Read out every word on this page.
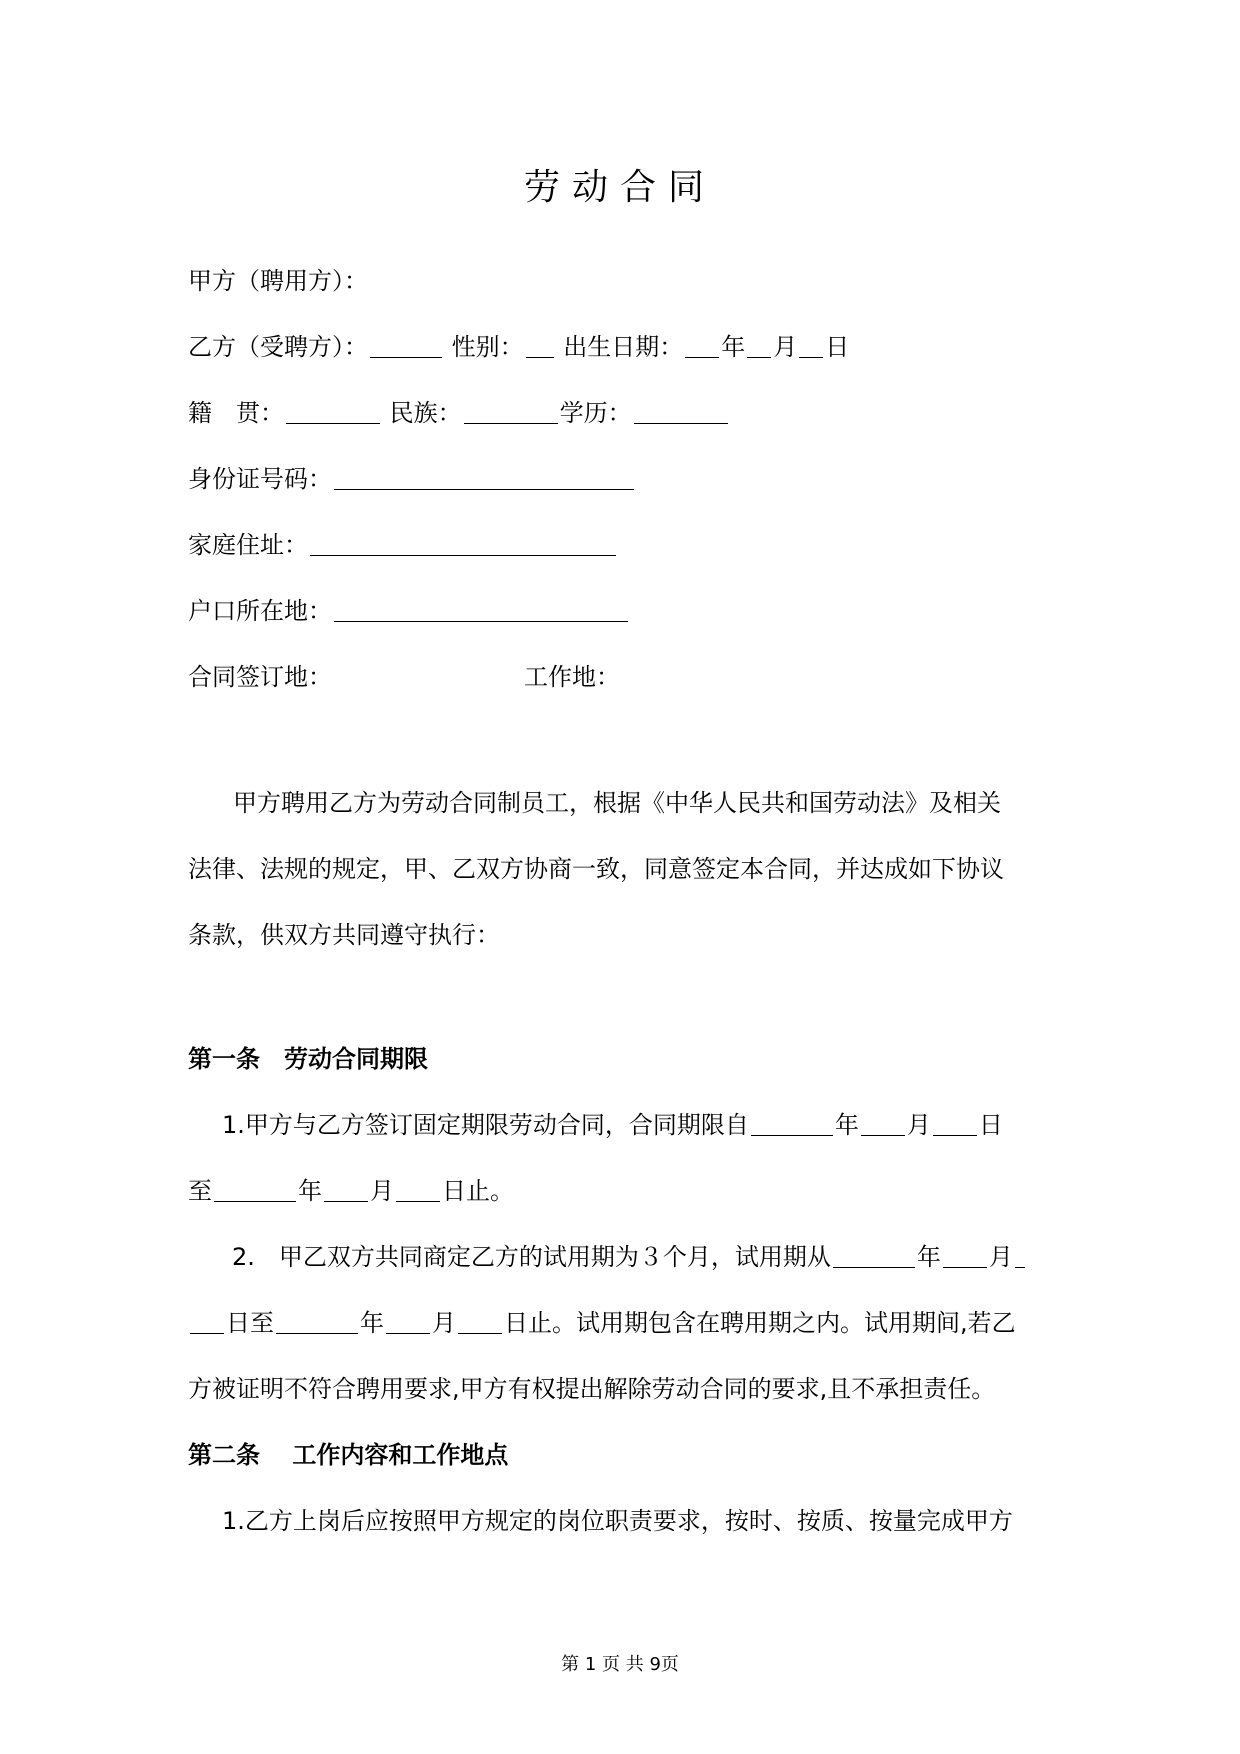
劳动合同
甲方（聘用方）：
乙方（受聘方）：	性别： 出生日期： 年 月 日
籍　贯：	民族：	学历：
身份证号码：
家庭住址：
户口所在地：
合同签订地：	工作地：
甲方聘用乙方为劳动合同制员工，根据《中华人民共和国劳动法》及相关
法律、法规的规定，甲、乙双方协商一致，同意签定本合同，并达成如下协议
条款，供双方共同遵守执行：
第一条　劳动合同期限
1.甲方与乙方签订固定期限劳动合同，合同期限自	年 月 日
至	年 月 日止。
2.　甲乙双方共同商定乙方的试用期为３个月，试用期从	年 月
日至	年 月 日止。试用期包含在聘用期之内。试用期间,若乙
方被证明不符合聘用要求,甲方有权提出解除劳动合同的要求,且不承担责任。
第二条　 工作内容和工作地点
1.乙方上岗后应按照甲方规定的岗位职责要求，按时、按质、按量完成甲方
第 1 页 共 9页
